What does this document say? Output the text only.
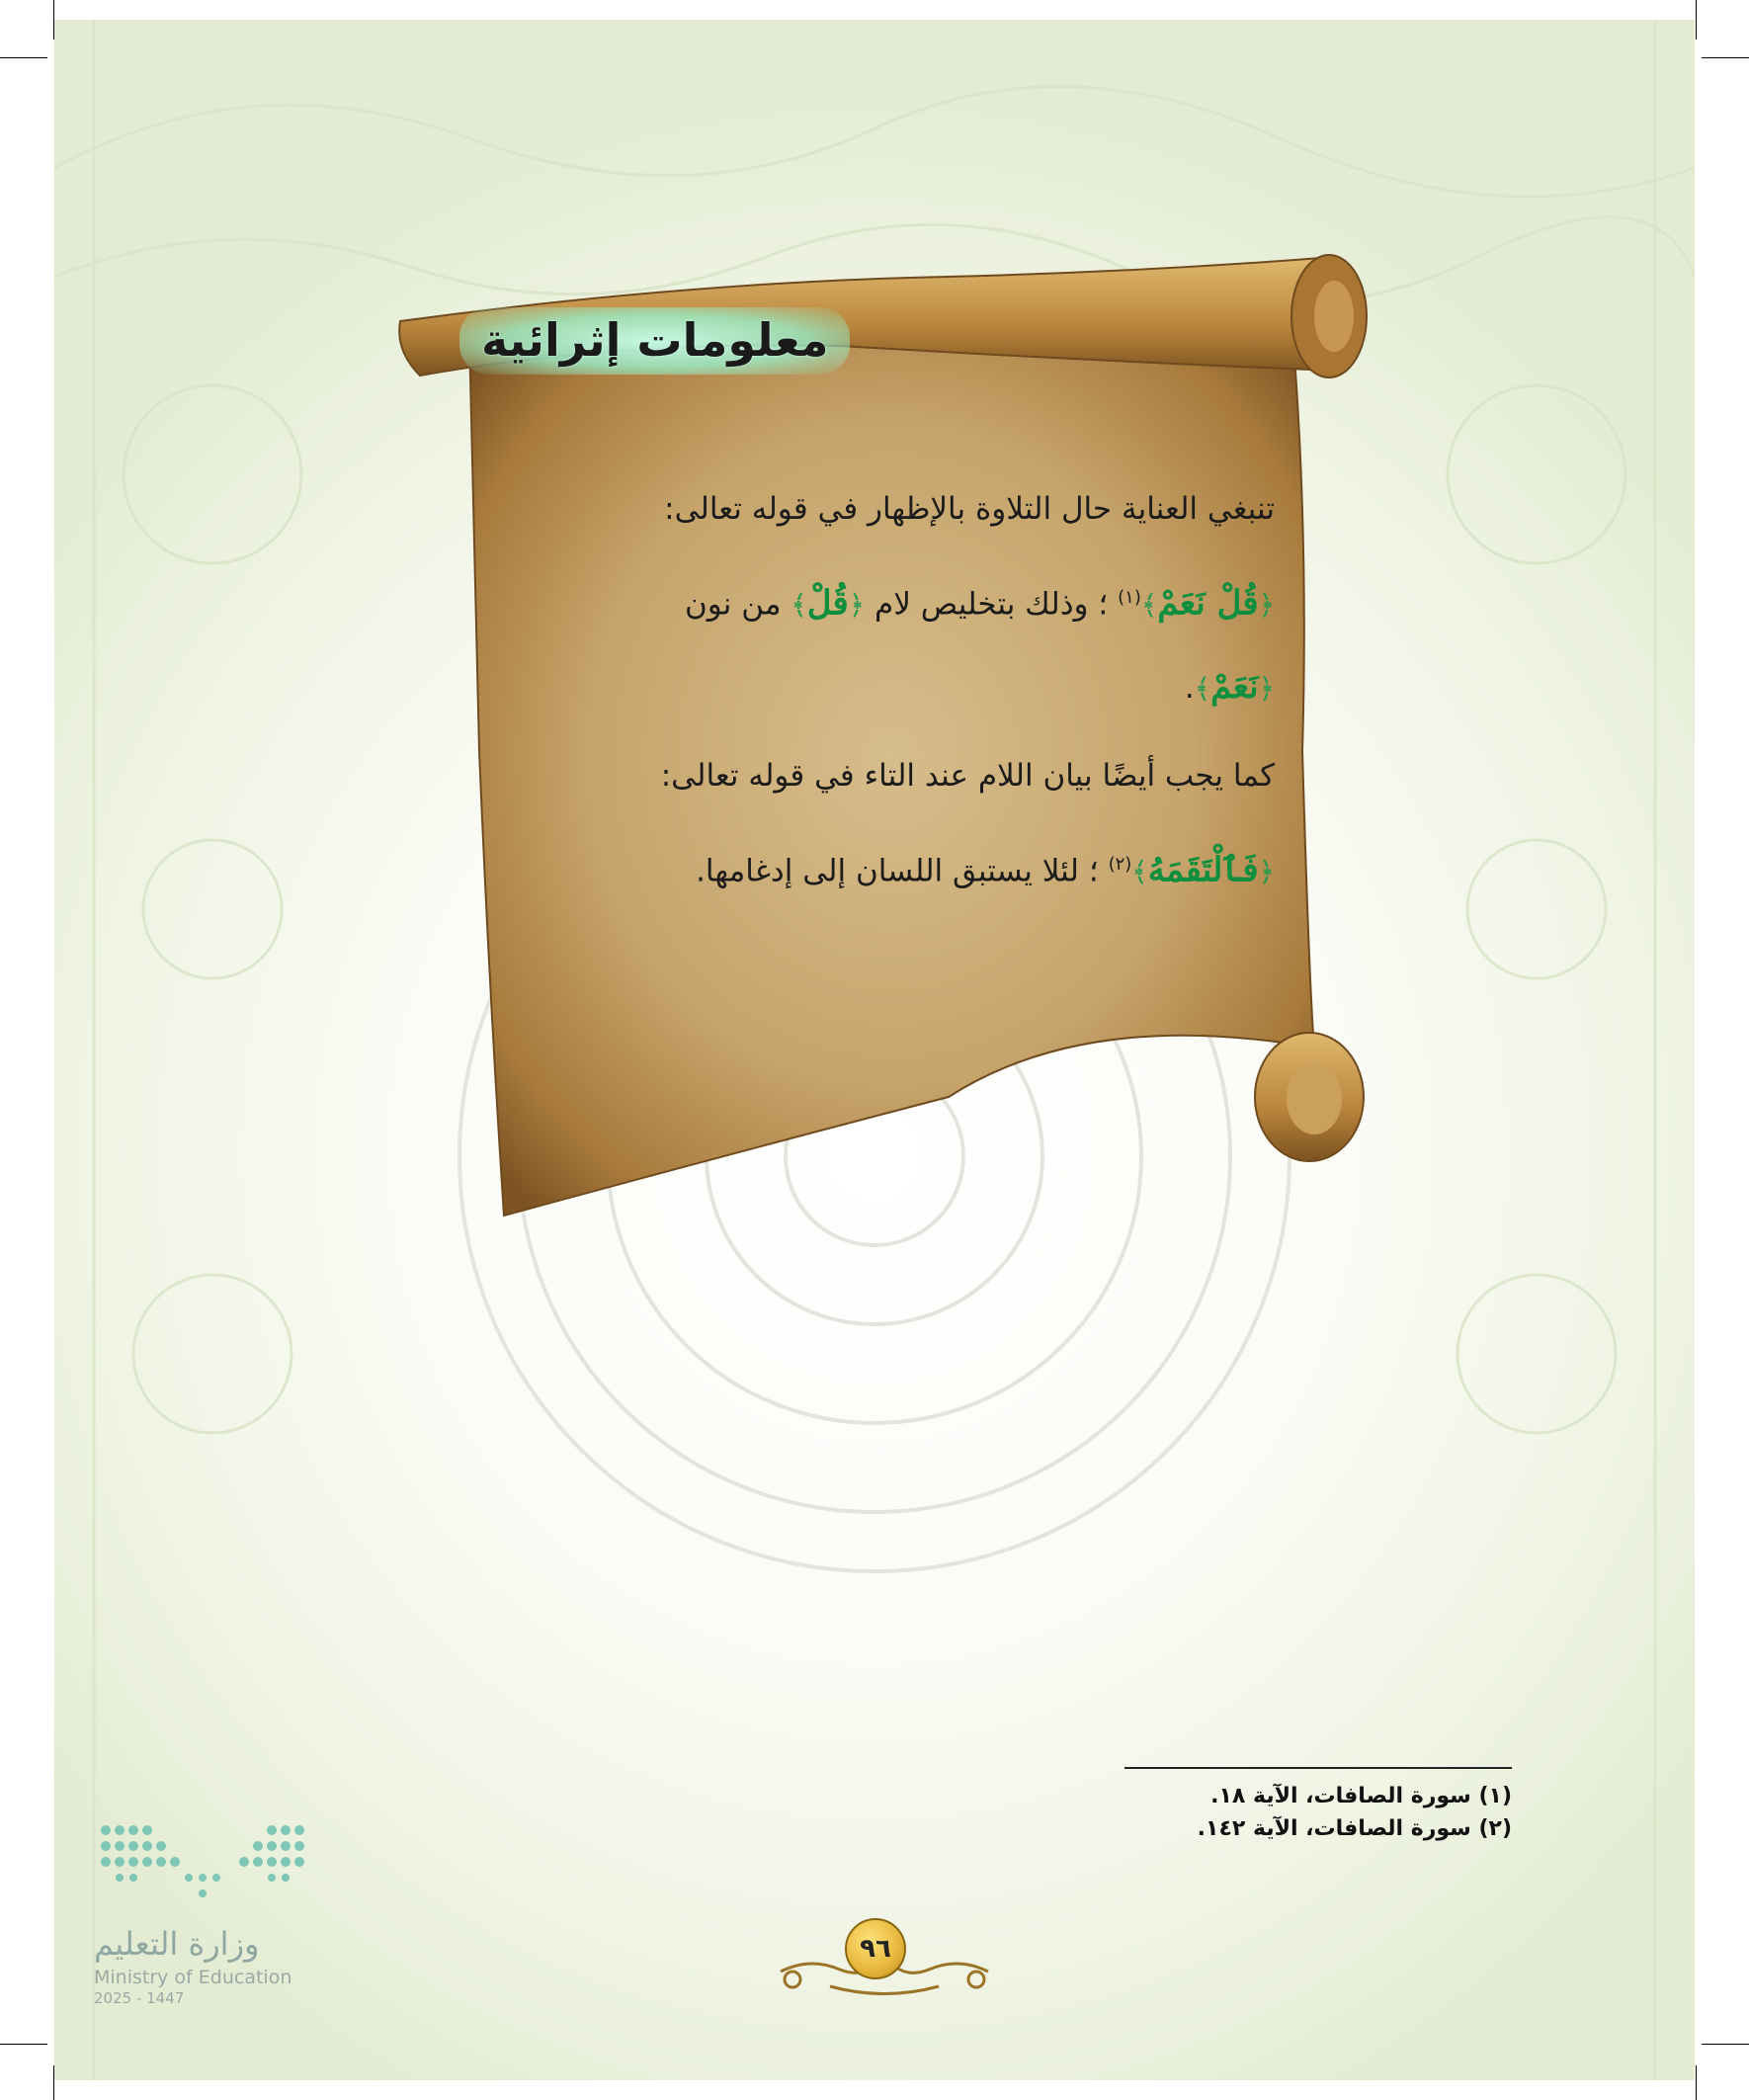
معلومات إثرائية
تنبغي العناية حال التلاوة بالإظهار في قوله تعالى:
﴿قُلْ نَعَمْ﴾$^{(١)}$ ؛ وذلك بتخليص لام ﴿قُلْ﴾ من نون
﴿نَعَمْ﴾.
كما يجب أيضًا بيان اللام عند التاء في قوله تعالى:
﴿فَٱلْتَقَمَهُ﴾$^{(٢)}$ ؛ لئلا يستبق اللسان إلى إدغامها.
(١) سورة الصافات، الآية ١٨.
(٢) سورة الصافات، الآية ١٤٢.
٩٦
وزارة التعليم
Ministry of Education
2025 - 1447
